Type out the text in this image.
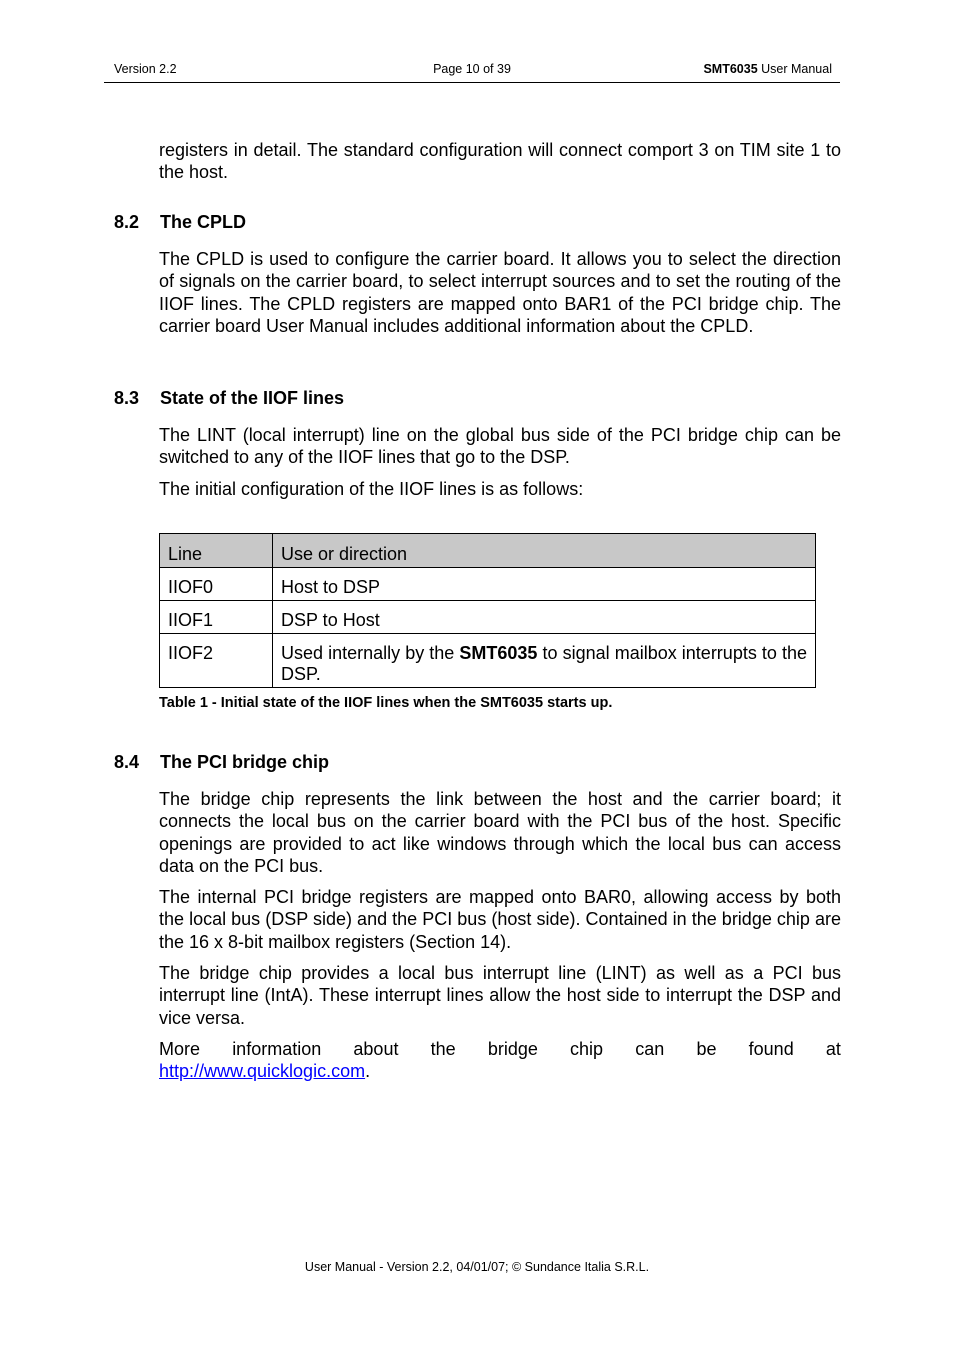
Version 2.2	Page 10 of 39	SMT6035 User Manual
registers in detail. The standard configuration will connect comport 3 on TIM site 1 to the host.
8.2 The CPLD
The CPLD is used to configure the carrier board. It allows you to select the direction of signals on the carrier board, to select interrupt sources and to set the routing of the IIOF lines. The CPLD registers are mapped onto BAR1 of the PCI bridge chip. The carrier board User Manual includes additional information about the CPLD.
8.3 State of the IIOF lines
The LINT (local interrupt) line on the global bus side of the PCI bridge chip can be switched to any of the IIOF lines that go to the DSP.
The initial configuration of the IIOF lines is as follows:
Line	Use or direction
IIOF0	Host to DSP
IIOF1	DSP to Host
IIOF2	Used internally by the SMT6035 to signal mailbox interrupts to the DSP.
Table 1 - Initial state of the IIOF lines when the SMT6035 starts up.
8.4 The PCI bridge chip
The bridge chip represents the link between the host and the carrier board; it connects the local bus on the carrier board with the PCI bus of the host. Specific openings are provided to act like windows through which the local bus can access data on the PCI bus.
The internal PCI bridge registers are mapped onto BAR0, allowing access by both the local bus (DSP side) and the PCI bus (host side). Contained in the bridge chip are the 16 x 8-bit mailbox registers (Section 14).
The bridge chip provides a local bus interrupt line (LINT) as well as a PCI bus interrupt line (IntA). These interrupt lines allow the host side to interrupt the DSP and vice versa.
More information about the bridge chip can be found at
http://www.quicklogic.com.
User Manual - Version 2.2, 04/01/07; © Sundance Italia S.R.L.
